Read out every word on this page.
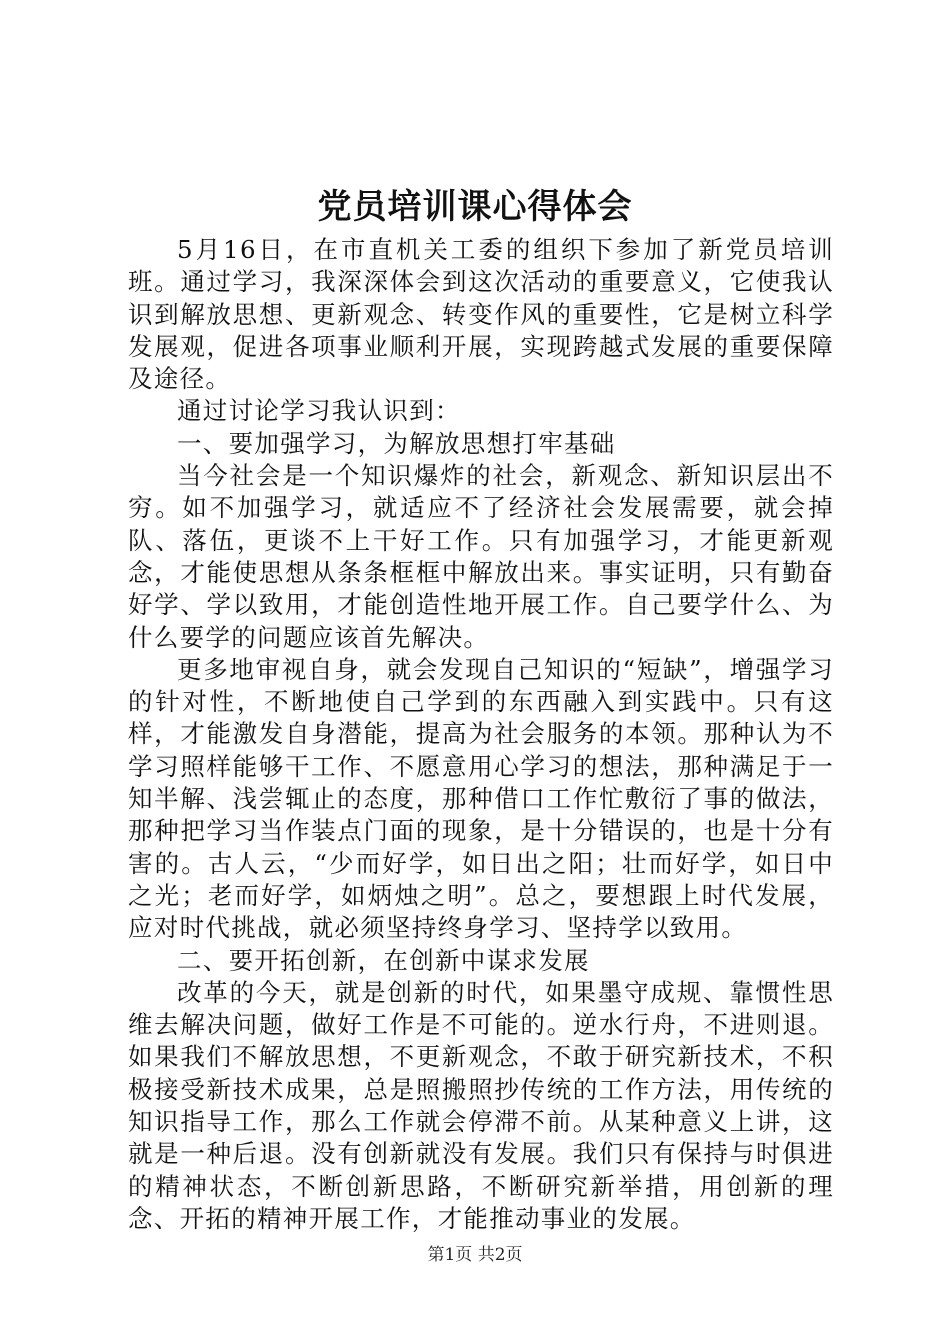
党员培训课心得体会

5月16日，在市直机关工委的组织下参加了新党员培训班。通过学习，我深深体会到这次活动的重要意义，它使我认识到解放思想、更新观念、转变作风的重要性，它是树立科学发展观，促进各项事业顺利开展，实现跨越式发展的重要保障及途径。

通过讨论学习我认识到：

一、要加强学习，为解放思想打牢基础

当今社会是一个知识爆炸的社会，新观念、新知识层出不穷。如不加强学习，就适应不了经济社会发展需要，就会掉队、落伍，更谈不上干好工作。只有加强学习，才能更新观念，才能使思想从条条框框中解放出来。事实证明，只有勤奋好学、学以致用，才能创造性地开展工作。自己要学什么、为什么要学的问题应该首先解决。

更多地审视自身，就会发现自己知识的“短缺”，增强学习的针对性，不断地使自己学到的东西融入到实践中。只有这样，才能激发自身潜能，提高为社会服务的本领。那种认为不学习照样能够干工作、不愿意用心学习的想法，那种满足于一知半解、浅尝辄止的态度，那种借口工作忙敷衍了事的做法，那种把学习当作装点门面的现象，是十分错误的，也是十分有害的。古人云，“少而好学，如日出之阳；壮而好学，如日中之光；老而好学，如炳烛之明”。总之，要想跟上时代发展，应对时代挑战，就必须坚持终身学习、坚持学以致用。

二、要开拓创新，在创新中谋求发展

改革的今天，就是创新的时代，如果墨守成规、靠惯性思维去解决问题，做好工作是不可能的。逆水行舟，不进则退。如果我们不解放思想，不更新观念，不敢于研究新技术，不积极接受新技术成果，总是照搬照抄传统的工作方法，用传统的知识指导工作，那么工作就会停滞不前。从某种意义上讲，这就是一种后退。没有创新就没有发展。我们只有保持与时俱进的精神状态，不断创新思路，不断研究新举措，用创新的理念、开拓的精神开展工作，才能推动事业的发展。

第1页 共2页
